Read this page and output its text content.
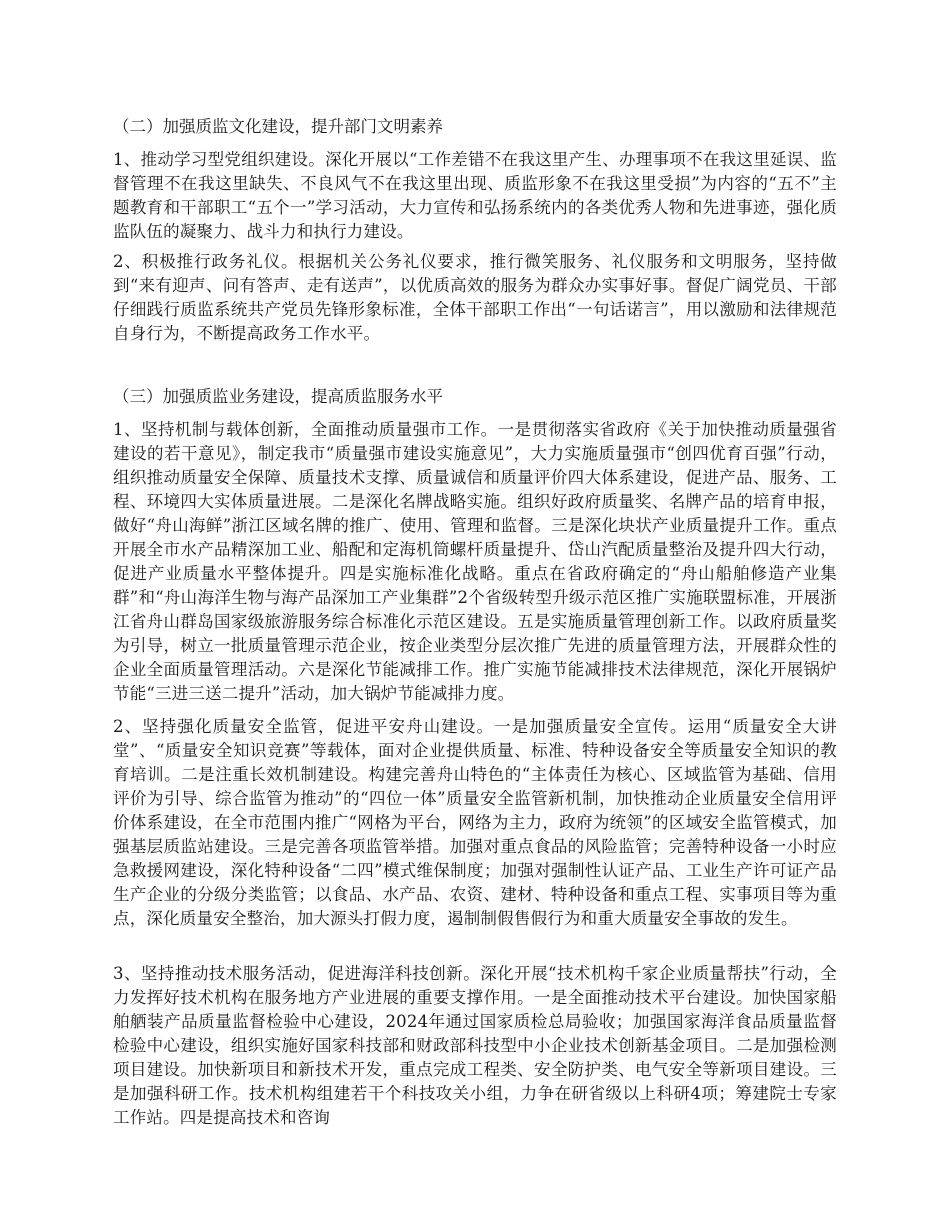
（二）加强质监文化建设，提升部门文明素养

1、推动学习型党组织建设。深化开展以“工作差错不在我这里产生、办理事项不在我这里延误、监督管理不在我这里缺失、不良风气不在我这里出现、质监形象不在我这里受损”为内容的“五不”主题教育和干部职工“五个一”学习活动，大力宣传和弘扬系统内的各类优秀人物和先进事迹，强化质监队伍的凝聚力、战斗力和执行力建设。

2、积极推行政务礼仪。根据机关公务礼仪要求，推行微笑服务、礼仪服务和文明服务，坚持做到“来有迎声、问有答声、走有送声”，以优质高效的服务为群众办实事好事。督促广阔党员、干部仔细践行质监系统共产党员先锋形象标准，全体干部职工作出“一句话诺言”，用以激励和法律规范自身行为，不断提高政务工作水平。

（三）加强质监业务建设，提高质监服务水平

1、坚持机制与载体创新，全面推动质量强市工作。一是贯彻落实省政府《关于加快推动质量强省建设的若干意见》，制定我市“质量强市建设实施意见”，大力实施质量强市“创四优育百强”行动，组织推动质量安全保障、质量技术支撑、质量诚信和质量评价四大体系建设，促进产品、服务、工程、环境四大实体质量进展。二是深化名牌战略实施。组织好政府质量奖、名牌产品的培育申报，做好“舟山海鲜”浙江区域名牌的推广、使用、管理和监督。三是深化块状产业质量提升工作。重点开展全市水产品精深加工业、船配和定海机筒螺杆质量提升、岱山汽配质量整治及提升四大行动，促进产业质量水平整体提升。四是实施标准化战略。重点在省政府确定的“舟山船舶修造产业集群”和“舟山海洋生物与海产品深加工产业集群”2个省级转型升级示范区推广实施联盟标准，开展浙江省舟山群岛国家级旅游服务综合标准化示范区建设。五是实施质量管理创新工作。以政府质量奖为引导，树立一批质量管理示范企业，按企业类型分层次推广先进的质量管理方法，开展群众性的企业全面质量管理活动。六是深化节能减排工作。推广实施节能减排技术法律规范，深化开展锅炉节能“三进三送二提升”活动，加大锅炉节能减排力度。

2、坚持强化质量安全监管，促进平安舟山建设。一是加强质量安全宣传。运用“质量安全大讲堂”、“质量安全知识竞赛”等载体，面对企业提供质量、标准、特种设备安全等质量安全知识的教育培训。二是注重长效机制建设。构建完善舟山特色的“主体责任为核心、区域监管为基础、信用评价为引导、综合监管为推动”的“四位一体”质量安全监管新机制，加快推动企业质量安全信用评价体系建设，在全市范围内推广“网格为平台，网络为主力，政府为统领”的区域安全监管模式，加强基层质监站建设。三是完善各项监管举措。加强对重点食品的风险监管；完善特种设备一小时应急救援网建设，深化特种设备“二四”模式维保制度；加强对强制性认证产品、工业生产许可证产品生产企业的分级分类监管；以食品、水产品、农资、建材、特种设备和重点工程、实事项目等为重点，深化质量安全整治，加大源头打假力度，遏制制假售假行为和重大质量安全事故的发生。

3、坚持推动技术服务活动，促进海洋科技创新。深化开展“技术机构千家企业质量帮扶”行动，全力发挥好技术机构在服务地方产业进展的重要支撑作用。一是全面推动技术平台建设。加快国家船舶舾装产品质量监督检验中心建设，2024年通过国家质检总局验收；加强国家海洋食品质量监督检验中心建设，组织实施好国家科技部和财政部科技型中小企业技术创新基金项目。二是加强检测项目建设。加快新项目和新技术开发，重点完成工程类、安全防护类、电气安全等新项目建设。三是加强科研工作。技术机构组建若干个科技攻关小组，力争在研省级以上科研4项；筹建院士专家工作站。四是提高技术和咨询
